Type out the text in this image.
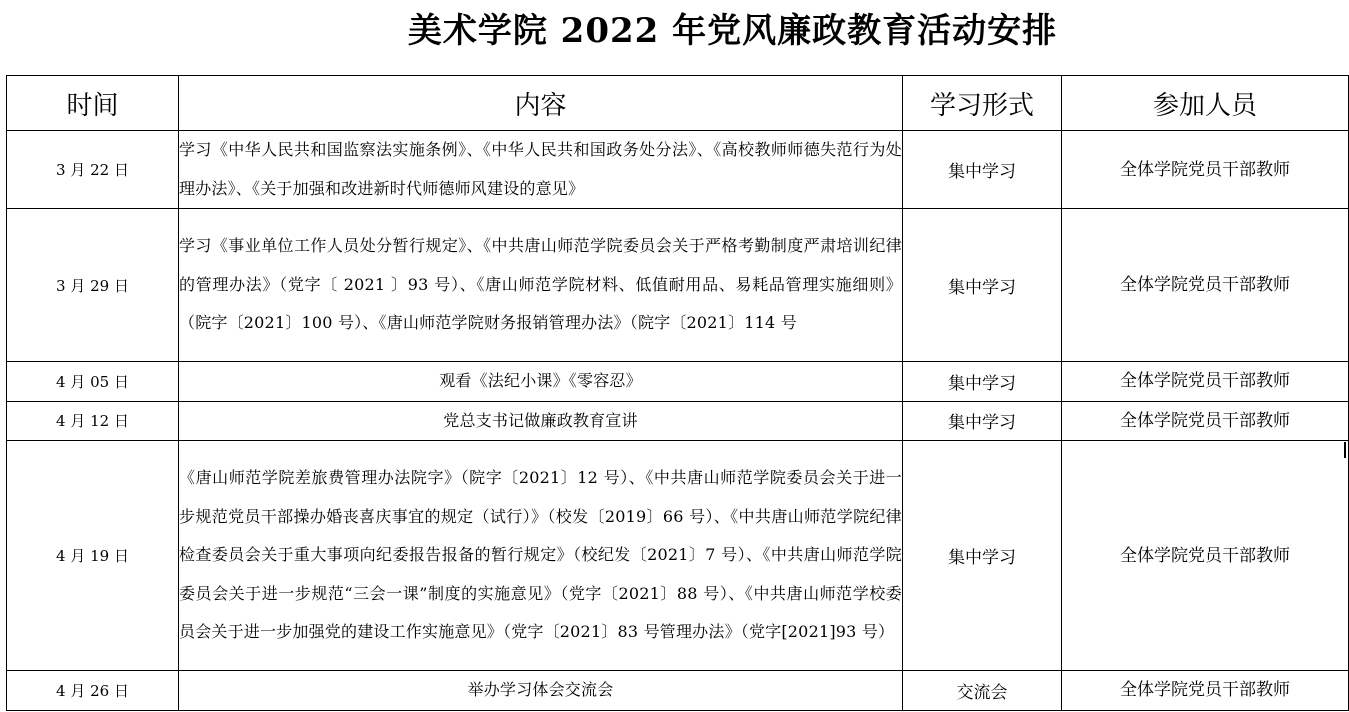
美术学院 2022 年党风廉政教育活动安排
时间	内容	学习形式	参加人员
3 月 22 日	学习《中华人民共和国监察法实施条例》、《中华人民共和国政务处分法》、《高校教师师德失范行为处理办法》、《关于加强和改进新时代师德师风建设的意见》	集中学习	全体学院党员干部教师

3 月 29 日	学习《事业单位工作人员处分暂行规定》、《中共唐山师范学院委员会关于严格考勤制度严肃培训纪律的管理办法》（党字〔 2021 〕93 号）、《唐山师范学院材料、低值耐用品、易耗品管理实施细则》（院字〔2021〕100 号）、《唐山师范学院财务报销管理办法》（院字〔2021〕114 号	集中学习	全体学院党员干部教师

4 月 05 日	观看《法纪小课》《零容忍》	集中学习	全体学院党员干部教师

4 月 12 日	党总支书记做廉政教育宣讲	集中学习	全体学院党员干部教师

4 月 19 日	《唐山师范学院差旅费管理办法院字》（院字〔2021〕12 号）、《中共唐山师范学院委员会关于进一步规范党员干部操办婚丧喜庆事宜的规定（试行）》（校发〔2019〕66 号）、《中共唐山师范学院纪律检查委员会关于重大事项向纪委报告报备的暂行规定》（校纪发〔2021〕7 号）、《中共唐山师范学院委员会关于进一步规范“三会一课”制度的实施意见》（党字〔2021〕88 号）、《中共唐山师范学校委员会关于进一步加强党的建设工作实施意见》（党字〔2021〕83 号管理办法》（党字[2021]93 号）	集中学习	全体学院党员干部教师

4 月 26 日	举办学习体会交流会	交流会	全体学院党员干部教师
